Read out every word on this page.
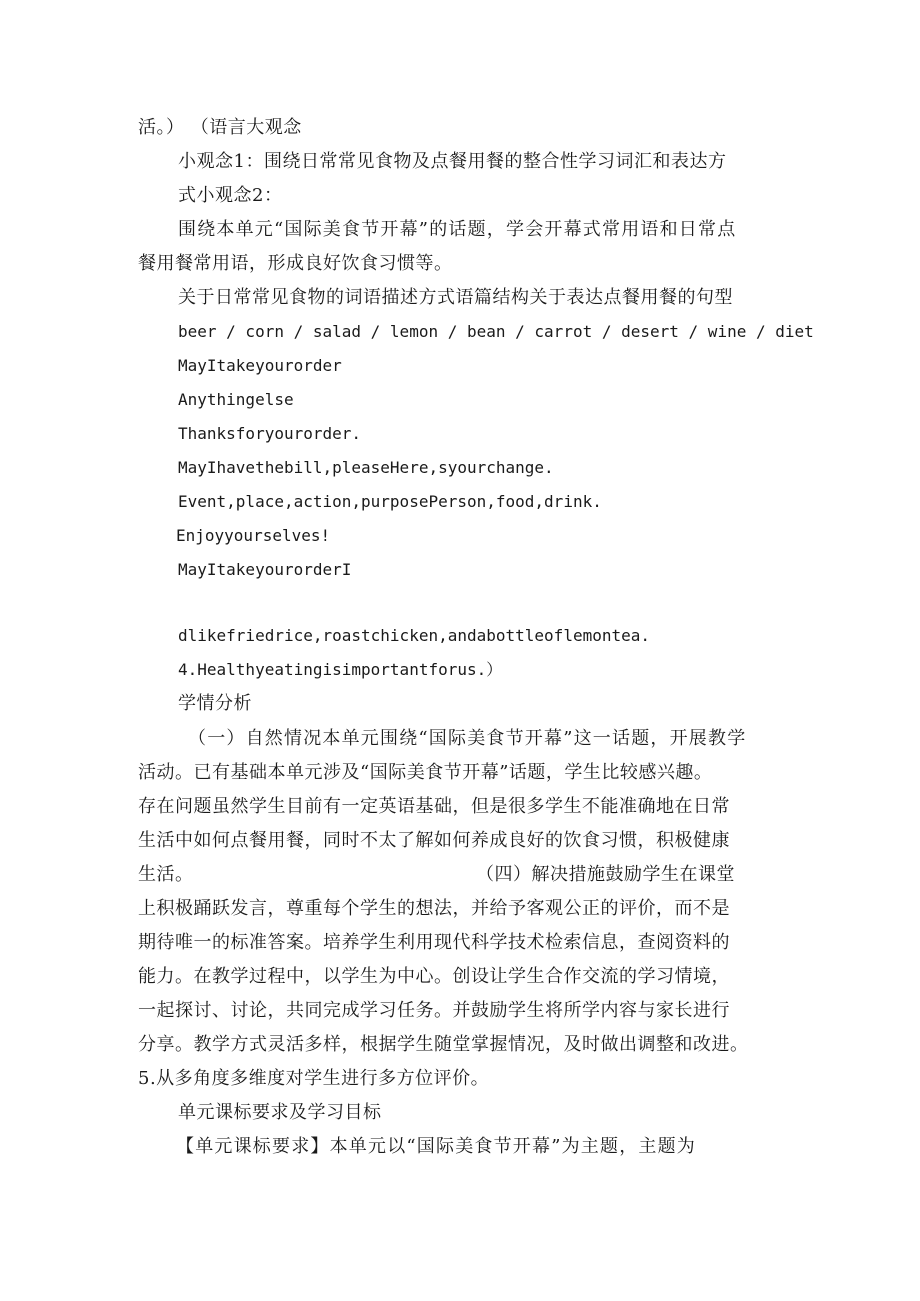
活。） （语言大观念
小观念1：围绕日常常见食物及点餐用餐的整合性学习词汇和表达方
式小观念2：
围绕本单元“国际美食节开幕”的话题，学会开幕式常用语和日常点
餐用餐常用语，形成良好饮食习惯等。
关于日常常见食物的词语描述方式语篇结构关于表达点餐用餐的句型
beer / corn / salad / lemon / bean / carrot / desert / wine / diet
MayItakeyourorder
Anythingelse
Thanksforyourorder.
MayIhavethebill,pleaseHere,syourchange.
Event,place,action,purposePerson,food,drink.
Enjoyyourselves!
MayItakeyourorderI
dlikefriedrice,roastchicken,andabottleoflemontea.
4.Healthyeatingisimportantforus.）
学情分析
（一）自然情况本单元围绕“国际美食节开幕”这一话题，开展教学
活动。已有基础本单元涉及“国际美食节开幕”话题，学生比较感兴趣。
存在问题虽然学生目前有一定英语基础，但是很多学生不能准确地在日常
生活中如何点餐用餐，同时不太了解如何养成良好的饮食习惯，积极健康
生活。	（四）解决措施鼓励学生在课堂
上积极踊跃发言，尊重每个学生的想法，并给予客观公正的评价，而不是
期待唯一的标准答案。培养学生利用现代科学技术检索信息，查阅资料的
能力。在教学过程中，以学生为中心。创设让学生合作交流的学习情境，
一起探讨、讨论，共同完成学习任务。并鼓励学生将所学内容与家长进行
分享。教学方式灵活多样，根据学生随堂掌握情况，及时做出调整和改进。
5.从多角度多维度对学生进行多方位评价。
单元课标要求及学习目标
【单元课标要求】本单元以“国际美食节开幕”为主题，主题为
